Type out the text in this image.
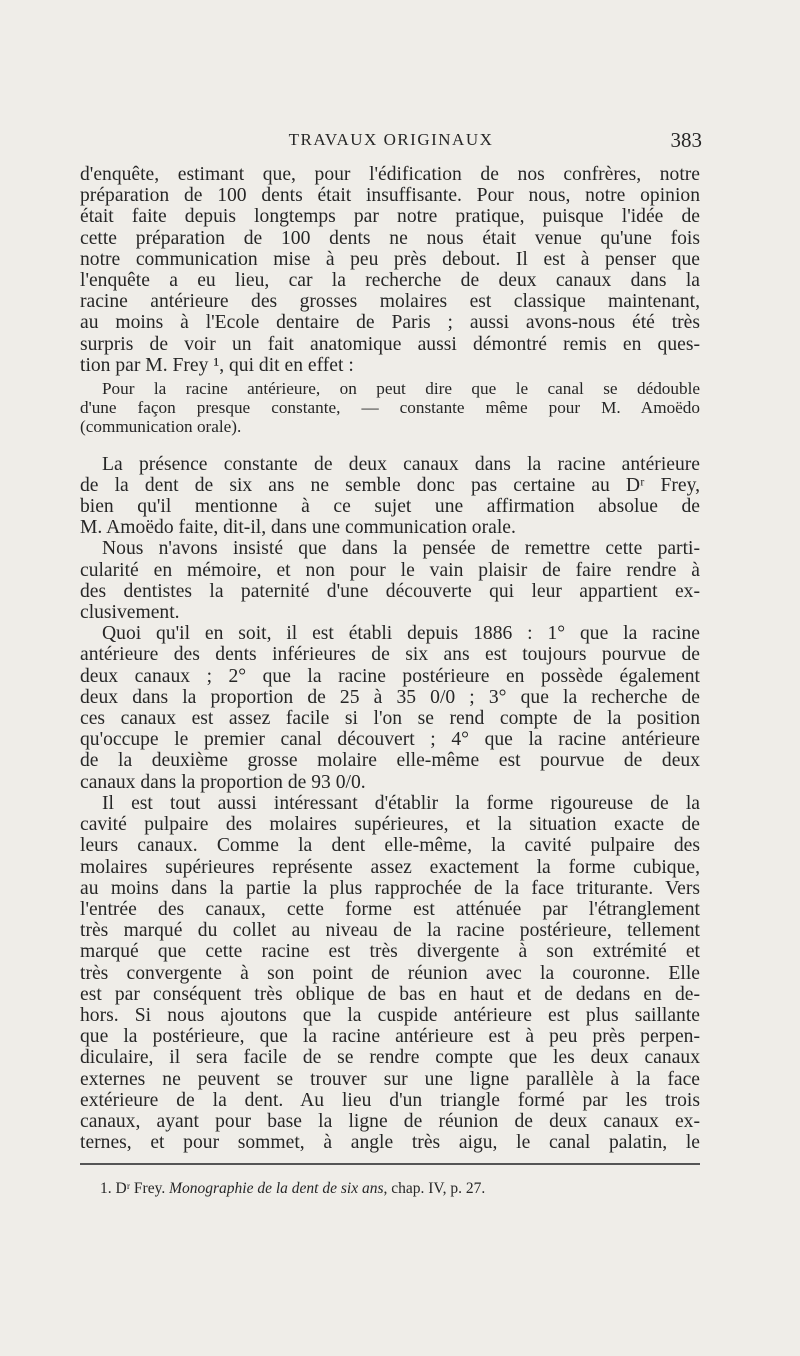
TRAVAUX ORIGINAUX	383
d'enquête, estimant que, pour l'édification de nos confrères, notre
préparation de 100 dents était insuffisante. Pour nous, notre opinion
était faite depuis longtemps par notre pratique, puisque l'idée de
cette préparation de 100 dents ne nous était venue qu'une fois
notre communication mise à peu près debout. Il est à penser que
l'enquête a eu lieu, car la recherche de deux canaux dans la
racine antérieure des grosses molaires est classique maintenant,
au moins à l'Ecole dentaire de Paris ; aussi avons-nous été très
surpris de voir un fait anatomique aussi démontré remis en ques-
tion par M. Frey ¹, qui dit en effet :
Pour la racine antérieure, on peut dire que le canal se dédouble
d'une façon presque constante, — constante même pour M. Amoëdo
(communication orale).
La présence constante de deux canaux dans la racine antérieure
de la dent de six ans ne semble donc pas certaine au Dʳ Frey,
bien qu'il mentionne à ce sujet une affirmation absolue de
M. Amoëdo faite, dit-il, dans une communication orale.
Nous n'avons insisté que dans la pensée de remettre cette parti-
cularité en mémoire, et non pour le vain plaisir de faire rendre à
des dentistes la paternité d'une découverte qui leur appartient ex-
clusivement.
Quoi qu'il en soit, il est établi depuis 1886 : 1° que la racine
antérieure des dents inférieures de six ans est toujours pourvue de
deux canaux ; 2° que la racine postérieure en possède également
deux dans la proportion de 25 à 35 0/0 ; 3° que la recherche de
ces canaux est assez facile si l'on se rend compte de la position
qu'occupe le premier canal découvert ; 4° que la racine antérieure
de la deuxième grosse molaire elle-même est pourvue de deux
canaux dans la proportion de 93 0/0.
Il est tout aussi intéressant d'établir la forme rigoureuse de la
cavité pulpaire des molaires supérieures, et la situation exacte de
leurs canaux. Comme la dent elle-même, la cavité pulpaire des
molaires supérieures représente assez exactement la forme cubique,
au moins dans la partie la plus rapprochée de la face triturante. Vers
l'entrée des canaux, cette forme est atténuée par l'étranglement
très marqué du collet au niveau de la racine postérieure, tellement
marqué que cette racine est très divergente à son extrémité et
très convergente à son point de réunion avec la couronne. Elle
est par conséquent très oblique de bas en haut et de dedans en de-
hors. Si nous ajoutons que la cuspide antérieure est plus saillante
que la postérieure, que la racine antérieure est à peu près perpen-
diculaire, il sera facile de se rendre compte que les deux canaux
externes ne peuvent se trouver sur une ligne parallèle à la face
extérieure de la dent. Au lieu d'un triangle formé par les trois
canaux, ayant pour base la ligne de réunion de deux canaux ex-
ternes, et pour sommet, à angle très aigu, le canal palatin, le
1. Dʳ Frey. Monographie de la dent de six ans, chap. IV, p. 27.
